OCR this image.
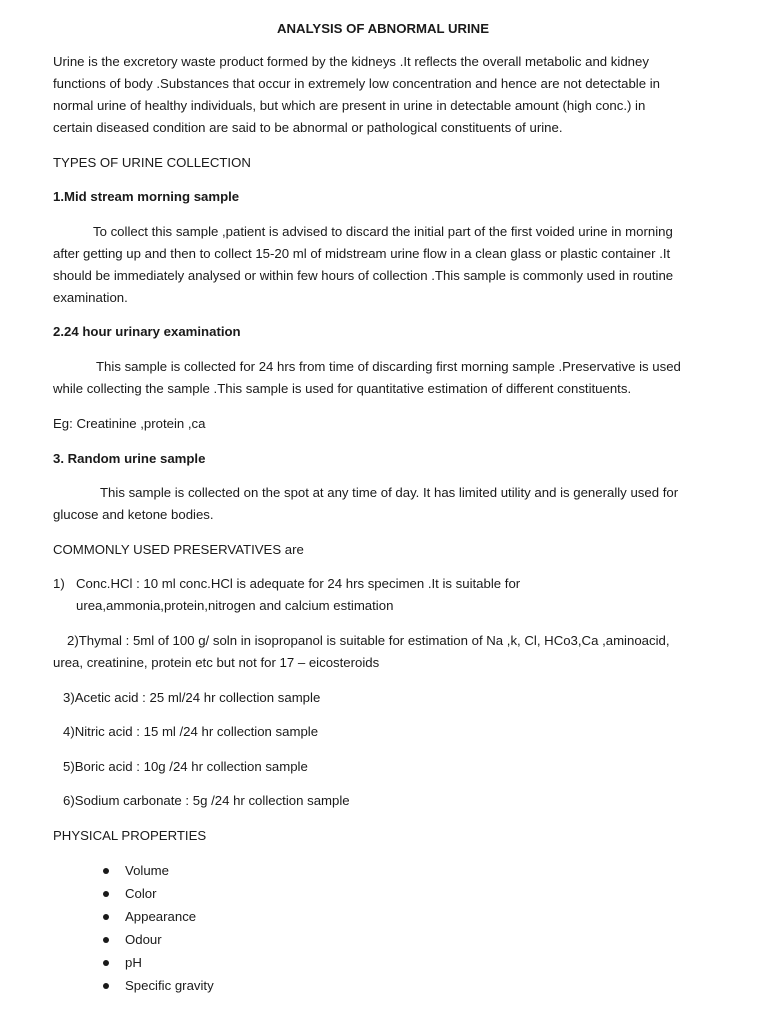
ANALYSIS OF ABNORMAL URINE
Urine is the excretory waste product formed by the kidneys .It reflects the overall metabolic and kidney
functions of body .Substances that occur in extremely low concentration and hence are not detectable in
normal urine of healthy individuals, but which are present in urine in detectable amount (high conc.) in
certain diseased condition are said to be abnormal or pathological constituents of urine.
TYPES OF URINE COLLECTION
1.Mid stream morning sample
To collect this sample ,patient is advised to discard the initial part of the first voided urine in morning
after getting up and then to collect 15-20 ml of midstream urine flow in a clean glass or plastic container .It
should be immediately analysed or within few hours of collection .This sample is commonly used in routine
examination.
2.24 hour urinary examination
This sample is collected for 24 hrs from time of discarding first morning sample .Preservative is used
while collecting the sample .This sample is used for quantitative estimation of different constituents.
Eg: Creatinine ,protein ,ca
3. Random urine sample
This sample is collected on the spot at any time of day. It has limited utility and is generally used for
glucose and ketone bodies.
COMMONLY USED PRESERVATIVES are
1) Conc.HCl : 10 ml conc.HCl is adequate for 24 hrs specimen .It is suitable for
urea,ammonia,protein,nitrogen and calcium estimation
2)Thymal : 5ml of 100 g/ soln in isopropanol is suitable for estimation of Na ,k, Cl, HCo3,Ca ,aminoacid,
urea, creatinine, protein etc but not for 17 – eicosteroids
3)Acetic acid : 25 ml/24 hr collection sample
4)Nitric acid : 15 ml /24 hr collection sample
5)Boric acid : 10g /24 hr collection sample
6)Sodium carbonate : 5g /24 hr collection sample
PHYSICAL PROPERTIES
Volume
Color
Appearance
Odour
pH
Specific gravity
